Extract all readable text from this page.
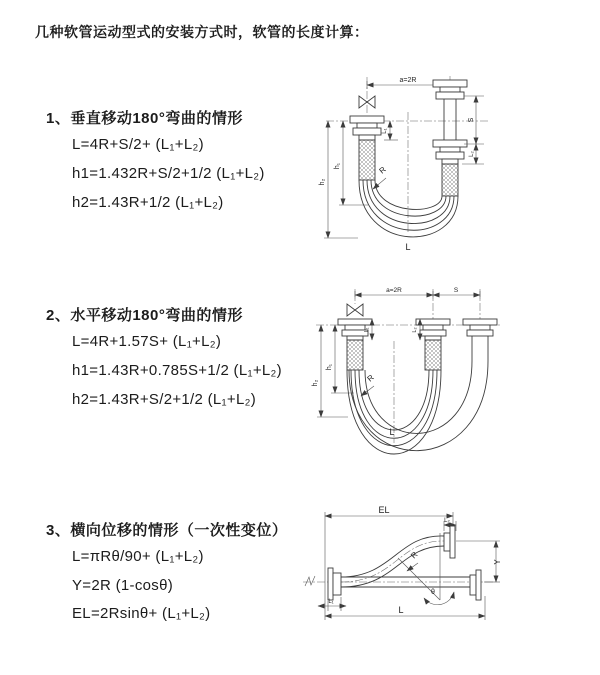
几种软管运动型式的安装方式时，软管的长度计算：
1、垂直移动180°弯曲的情形
L=4R+S/2+ (L₁+L₂)
h1=1.432R+S/2+1/2 (L₁+L₂)
h2=1.43R+1/2 (L₁+L₂)
a=2R
h₂
h₁
L₁
S
L₂
R
L
2、水平移动180°弯曲的情形
L=4R+1.57S+ (L₁+L₂)
h1=1.43R+0.785S+1/2 (L₁+L₂)
h2=1.43R+S/2+1/2 (L₁+L₂)
a=2R	S
h₂
h₁
L₁	L₂
R
L
3、横向位移的情形（一次性变位）
L=πRθ/90+ (L₁+L₂)
Y=2R (1-cosθ)
EL=2Rsinθ+ (L₁+L₂)
EL
L₂
θ
R
Y
L₁
L
